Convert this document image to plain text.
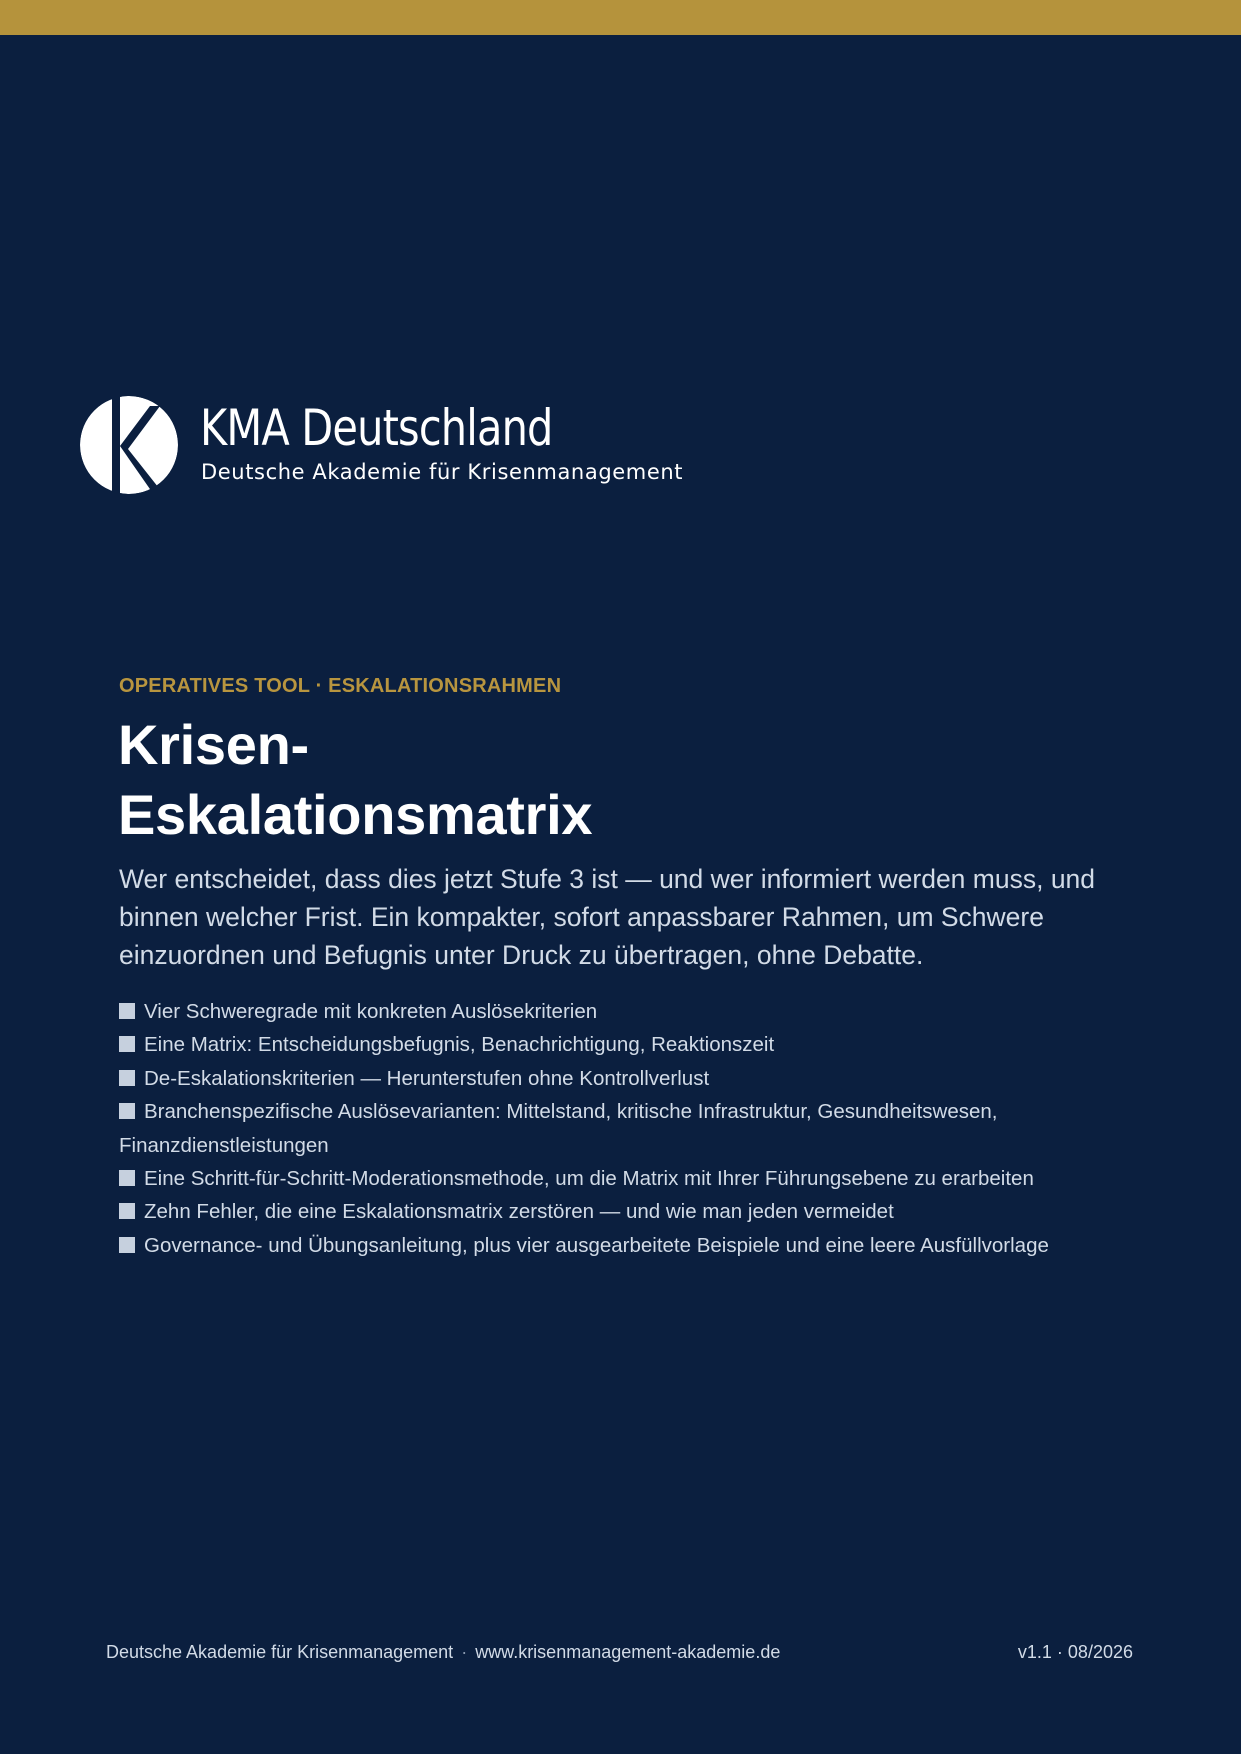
KMA Deutschland
Deutsche Akademie für Krisenmanagement
OPERATIVES TOOL · ESKALATIONSRAHMEN
Krisen-
Eskalationsmatrix

Wer entscheidet, dass dies jetzt Stufe 3 ist — und wer informiert werden muss, und binnen welcher Frist. Ein kompakter, sofort anpassbarer Rahmen, um Schwere einzuordnen und Befugnis unter Druck zu übertragen, ohne Debatte.

Vier Schweregrade mit konkreten Auslösekriterien
Eine Matrix: Entscheidungsbefugnis, Benachrichtigung, Reaktionszeit
De-Eskalationskriterien — Herunterstufen ohne Kontrollverlust
Branchenspezifische Auslösevarianten: Mittelstand, kritische Infrastruktur, Gesundheitswesen, Finanzdienstleistungen
Eine Schritt-für-Schritt-Moderationsmethode, um die Matrix mit Ihrer Führungsebene zu erarbeiten
Zehn Fehler, die eine Eskalationsmatrix zerstören — und wie man jeden vermeidet
Governance- und Übungsanleitung, plus vier ausgearbeitete Beispiele und eine leere Ausfüllvorlage
Deutsche Akademie für Krisenmanagement · www.krisenmanagement-akademie.de	v1.1 · 08/2026
